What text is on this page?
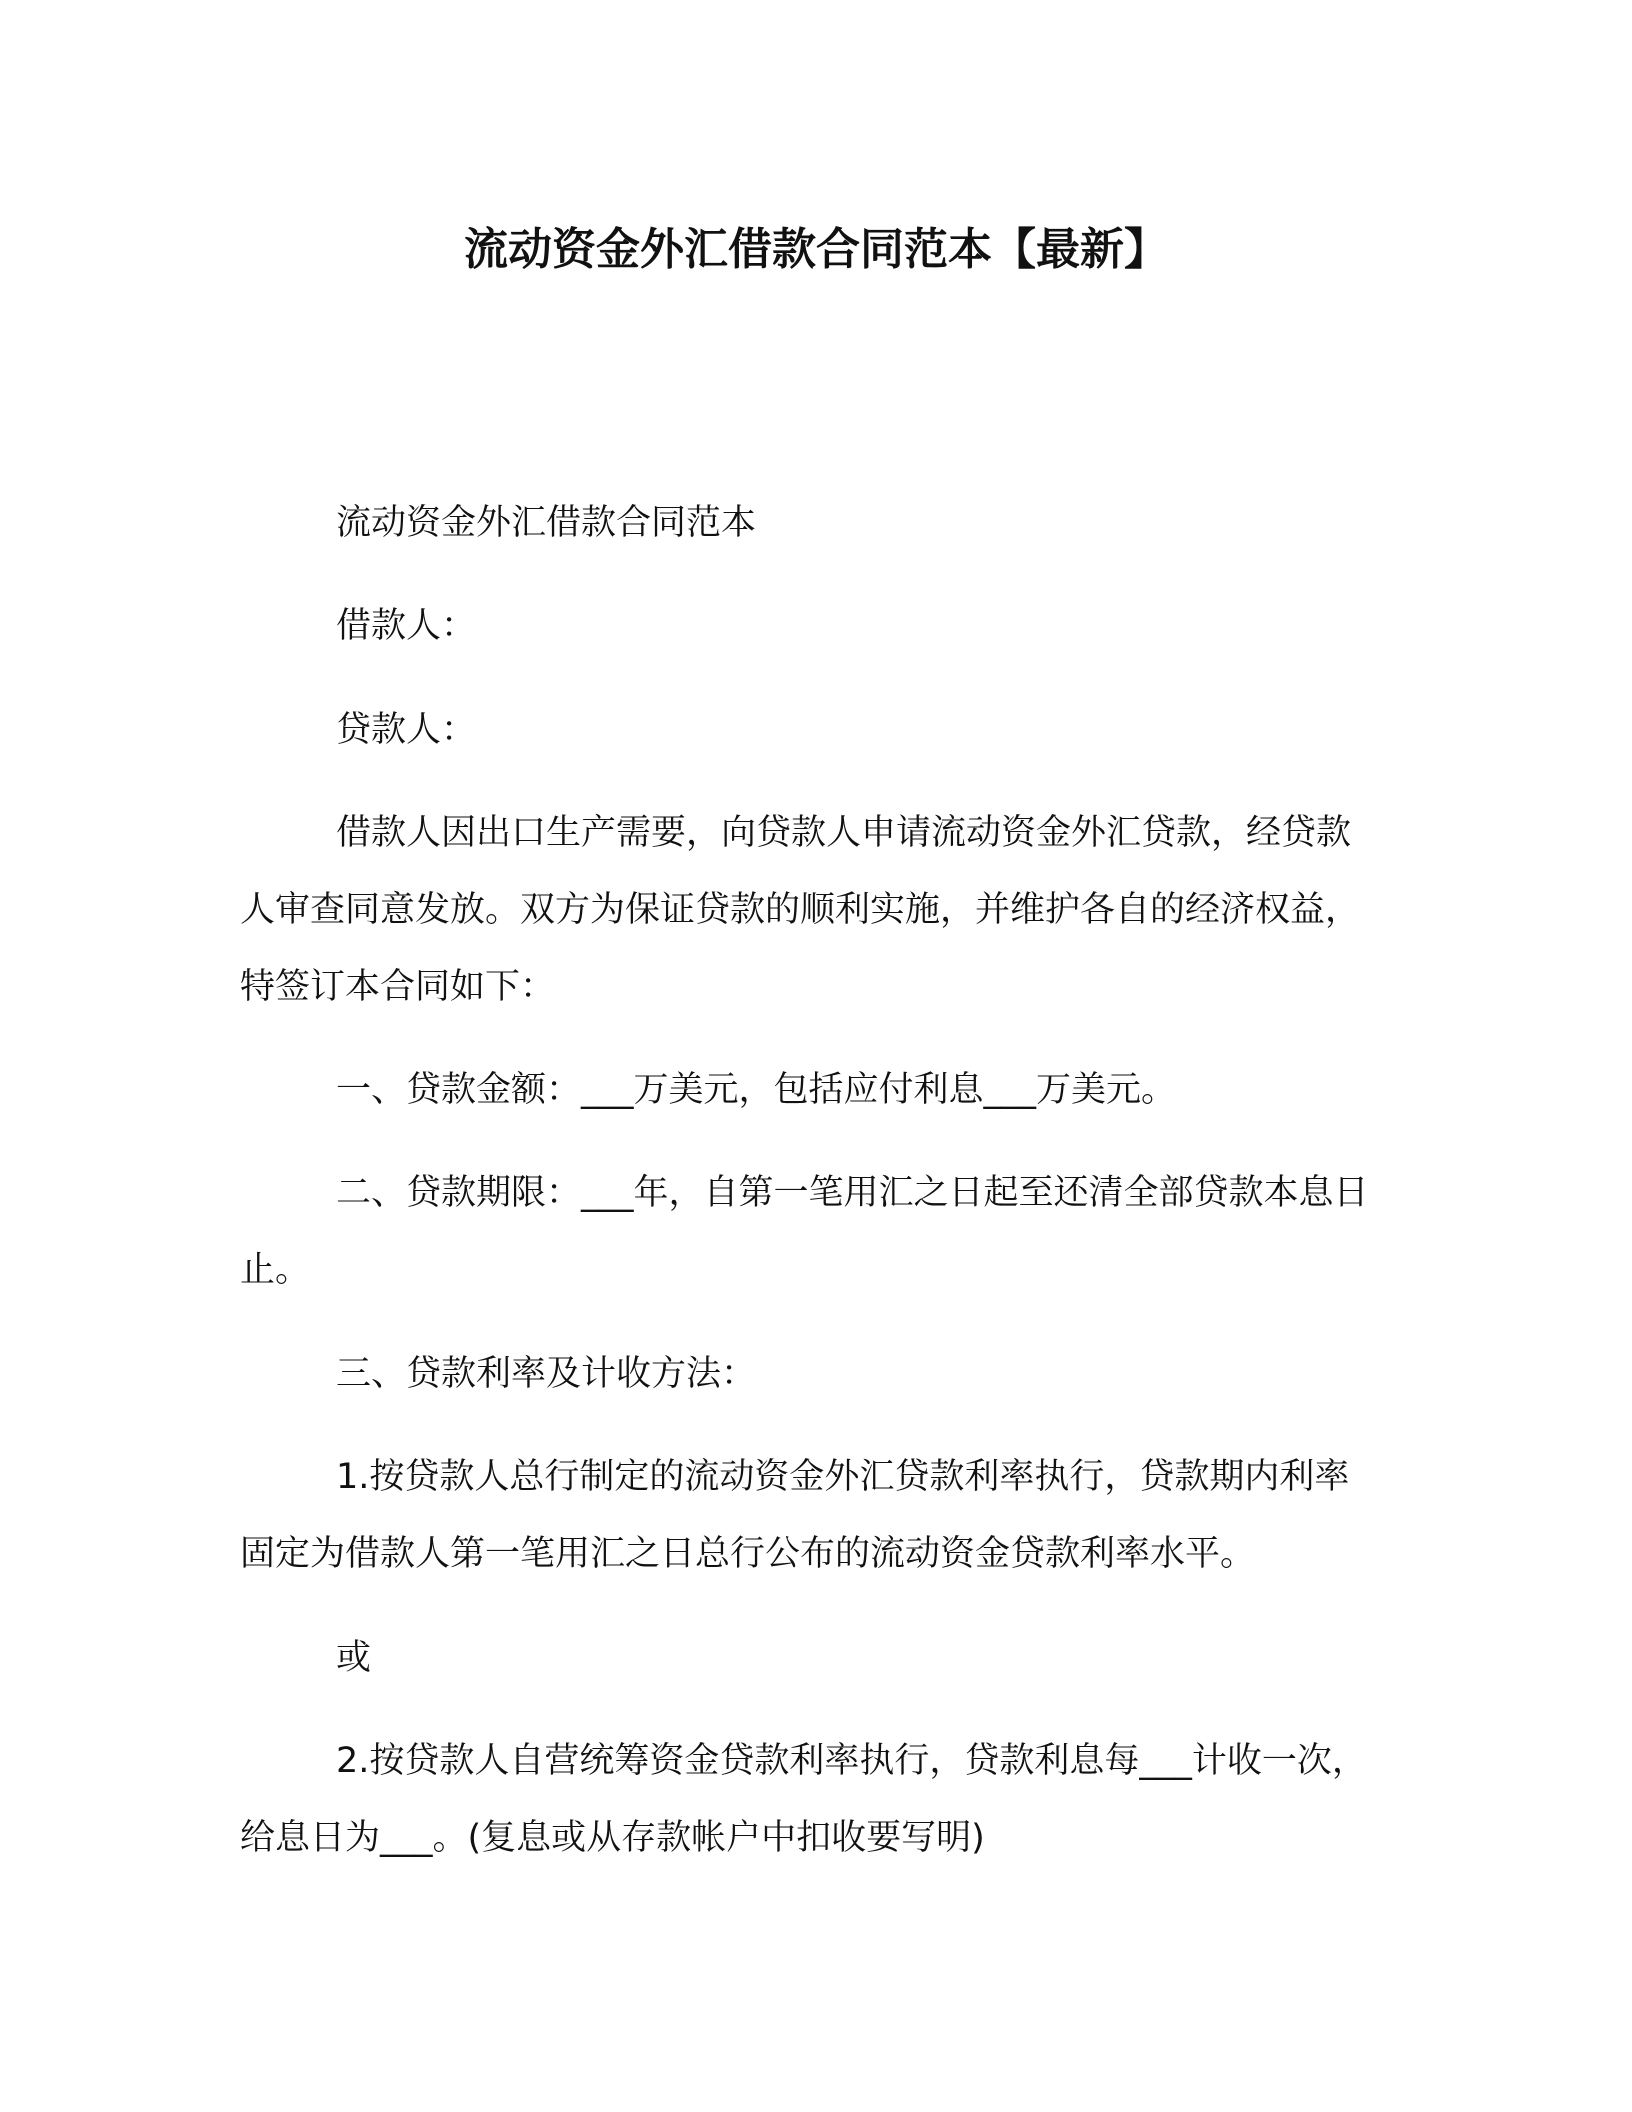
流动资金外汇借款合同范本【最新】

流动资金外汇借款合同范本

借款人：

贷款人：

借款人因出口生产需要，向贷款人申请流动资金外汇贷款，经贷款人审查同意发放。双方为保证贷款的顺利实施，并维护各自的经济权益，特签订本合同如下：

一、贷款金额：___万美元，包括应付利息___万美元。

二、贷款期限：___年，自第一笔用汇之日起至还清全部贷款本息日止。

三、贷款利率及计收方法：

1.按贷款人总行制定的流动资金外汇贷款利率执行，贷款期内利率固定为借款人第一笔用汇之日总行公布的流动资金贷款利率水平。

或

2.按贷款人自营统筹资金贷款利率执行，贷款利息每___计收一次，给息日为___。(复息或从存款帐户中扣收要写明)
